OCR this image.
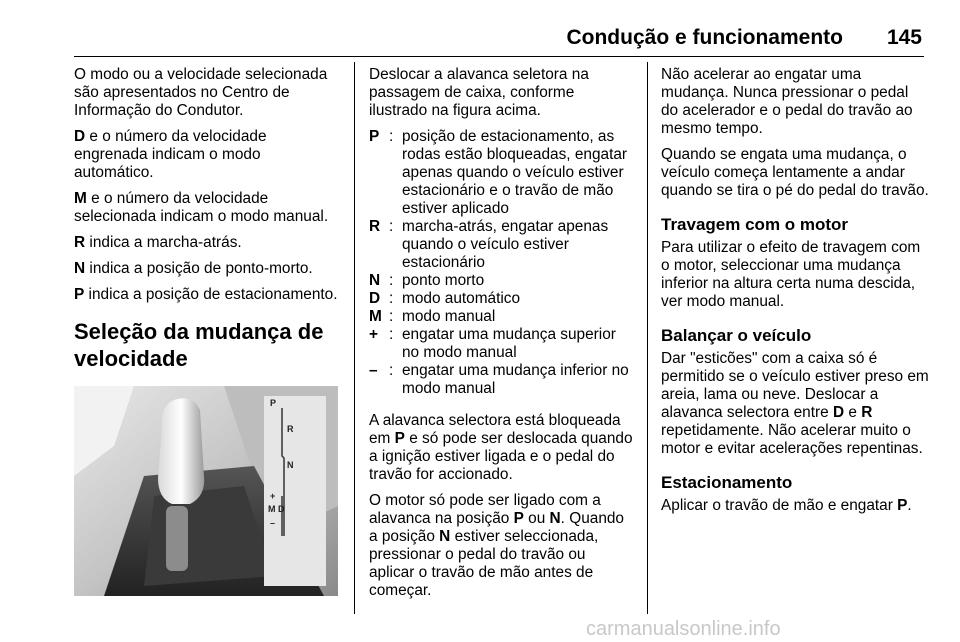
Condução e funcionamento 145

O modo ou a velocidade selecionada são apresentados no Centro de Informação do Condutor.

D e o número da velocidade engrenada indicam o modo automático.

M e o número da velocidade selecionada indicam o modo manual.

R indica a marcha-atrás.

N indica a posição de ponto-morto.

P indica a posição de estacionamento.

Seleção da mudança de velocidade
P
R
N
+
M D
–

Deslocar a alavanca seletora na passagem de caixa, conforme ilustrado na figura acima.

P : posição de estacionamento, as rodas estão bloqueadas, engatar apenas quando o veículo estiver estacionário e o travão de mão estiver aplicado
R : marcha-atrás, engatar apenas quando o veículo estiver estacionário
N : ponto morto
D : modo automático
M : modo manual
+ : engatar uma mudança superior no modo manual
– : engatar uma mudança inferior no modo manual

A alavanca selectora está bloqueada em P e só pode ser deslocada quando a ignição estiver ligada e o pedal do travão for accionado.

O motor só pode ser ligado com a alavanca na posição P ou N. Quando a posição N estiver seleccionada, pressionar o pedal do travão ou aplicar o travão de mão antes de começar.

Não acelerar ao engatar uma mudança. Nunca pressionar o pedal do acelerador e o pedal do travão ao mesmo tempo.

Quando se engata uma mudança, o veículo começa lentamente a andar quando se tira o pé do pedal do travão.

Travagem com o motor

Para utilizar o efeito de travagem com o motor, seleccionar uma mudança inferior na altura certa numa descida, ver modo manual.

Balançar o veículo

Dar "esticões" com a caixa só é permitido se o veículo estiver preso em areia, lama ou neve. Deslocar a alavanca selectora entre D e R repetidamente. Não acelerar muito o motor e evitar acelerações repentinas.

Estacionamento

Aplicar o travão de mão e engatar P.

carmanualsonline.info
